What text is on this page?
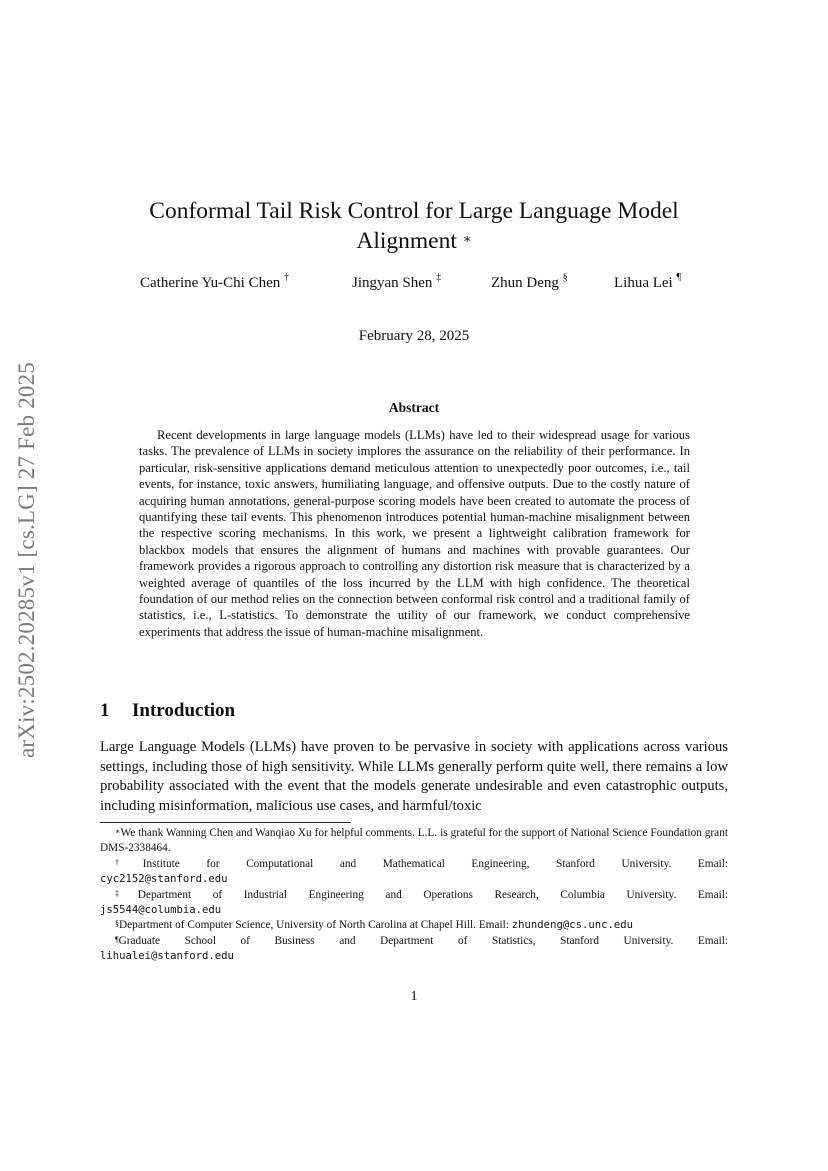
arXiv:2502.20285v1 [cs.LG] 27 Feb 2025
Conformal Tail Risk Control for Large Language Model
Alignment ∗
Catherine Yu-Chi Chen †	Jingyan Shen ‡	Zhun Deng §	Lihua Lei ¶
February 28, 2025
Abstract

Recent developments in large language models (LLMs) have led to their widespread usage for various tasks. The prevalence of LLMs in society implores the assurance on the reliability of their performance. In particular, risk-sensitive applications demand meticulous attention to unexpectedly poor outcomes, i.e., tail events, for instance, toxic answers, humiliating language, and offensive outputs. Due to the costly nature of acquiring human annotations, general-purpose scoring models have been created to automate the process of quantifying these tail events. This phenomenon introduces potential human-machine misalignment between the respective scoring mechanisms. In this work, we present a lightweight calibration framework for blackbox models that ensures the alignment of humans and machines with provable guarantees. Our framework provides a rigorous approach to controlling any distortion risk measure that is characterized by a weighted average of quantiles of the loss incurred by the LLM with high confidence. The theoretical foundation of our method relies on the connection between conformal risk control and a traditional family of statistics, i.e., L-statistics. To demonstrate the utility of our framework, we conduct comprehensive experiments that address the issue of human-machine misalignment.

1 Introduction

Large Language Models (LLMs) have proven to be pervasive in society with applications across various settings, including those of high sensitivity. While LLMs generally perform quite well, there remains a low probability associated with the event that the models generate undesirable and even catastrophic outputs, including misinformation, malicious use cases, and harmful/toxic

∗We thank Wanning Chen and Wanqiao Xu for helpful comments. L.L. is grateful for the support of National Science Foundation grant DMS-2338464.

†Institute for Computational and Mathematical Engineering, Stanford University. Email:

cyc2152@stanford.edu

‡Department of Industrial Engineering and Operations Research, Columbia University. Email:

js5544@columbia.edu

§Department of Computer Science, University of North Carolina at Chapel Hill. Email: zhundeng@cs.unc.edu

¶Graduate School of Business and Department of Statistics, Stanford University. Email:

lihualei@stanford.edu

1
